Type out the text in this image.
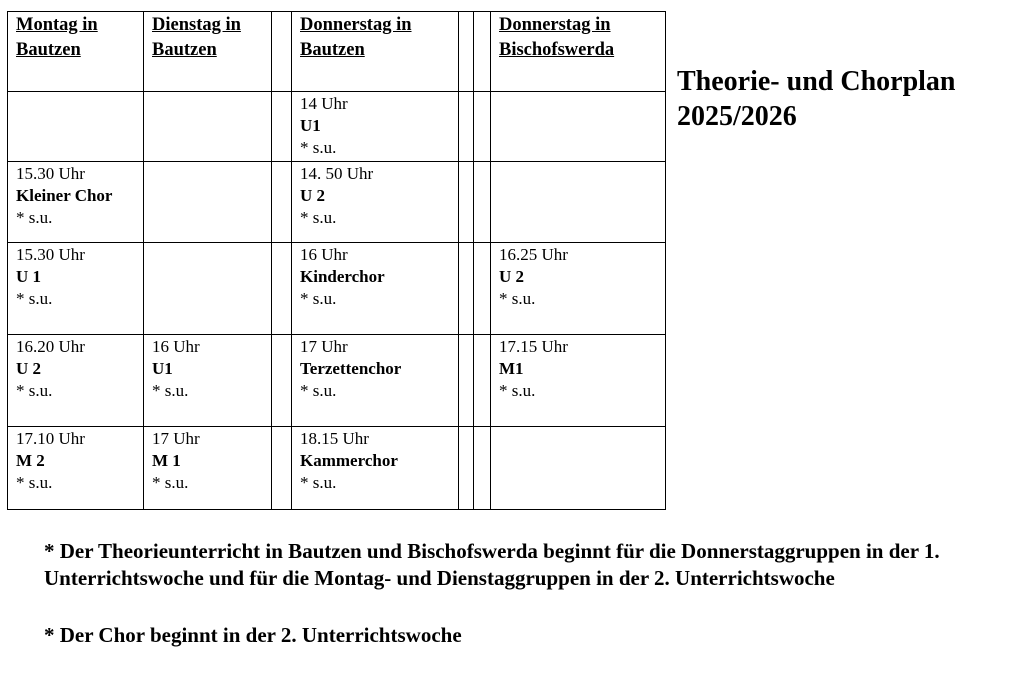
Montag in
Bautzen	Dienstag in
Bautzen		Donnerstag in
Bautzen			Donnerstag in
Bischofswerda

			14 Uhr
U1
* s.u.			

15.30 Uhr
Kleiner Chor
* s.u.			14. 50 Uhr
U 2
* s.u.			

15.30 Uhr
U 1
* s.u.			16 Uhr
Kinderchor
* s.u.			16.25 Uhr
U 2
* s.u.

16.20 Uhr
U 2
* s.u.	16 Uhr
U1
* s.u.		17 Uhr
Terzettenchor
* s.u.			17.15 Uhr
M1
* s.u.

17.10 Uhr
M 2
* s.u.	17 Uhr
M 1
* s.u.		18.15 Uhr
Kammerchor
* s.u.			

Theorie- und Chorplan
2025/2026

* Der Theorieunterricht in Bautzen und Bischofswerda beginnt für die Donnerstaggruppen in der 1. Unterrichtswoche und für die Montag- und Dienstaggruppen in der 2. Unterrichtswoche

* Der Chor beginnt in der 2. Unterrichtswoche
